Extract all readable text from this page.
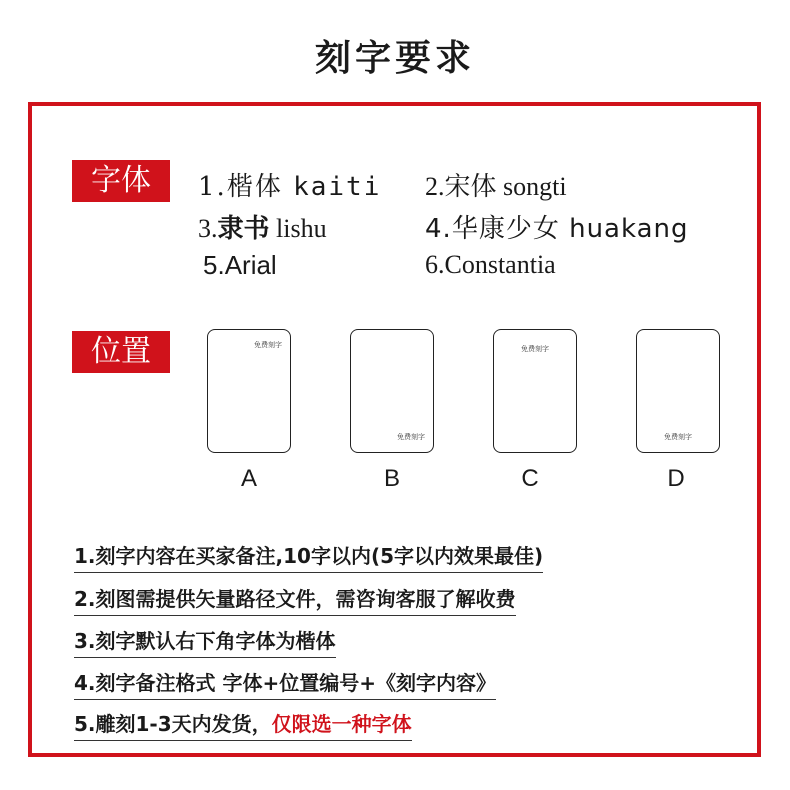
刻字要求
字体	1.楷体 kaiti 2.宋体 songti
3.隶书 lishu	4.华康少女 huakang
5.Arial	6.Constantia
位置	免费刻字
A
免费刻字
B
免费刻字
C
免费刻字
D
1.刻字内容在买家备注,10字以内(5字以内效果最佳)
2.刻图需提供矢量路径文件，需咨询客服了解收费
3.刻字默认右下角字体为楷体
4.刻字备注格式 字体+位置编号+《刻字内容》
5.雕刻1-3天内发货，仅限选一种字体
